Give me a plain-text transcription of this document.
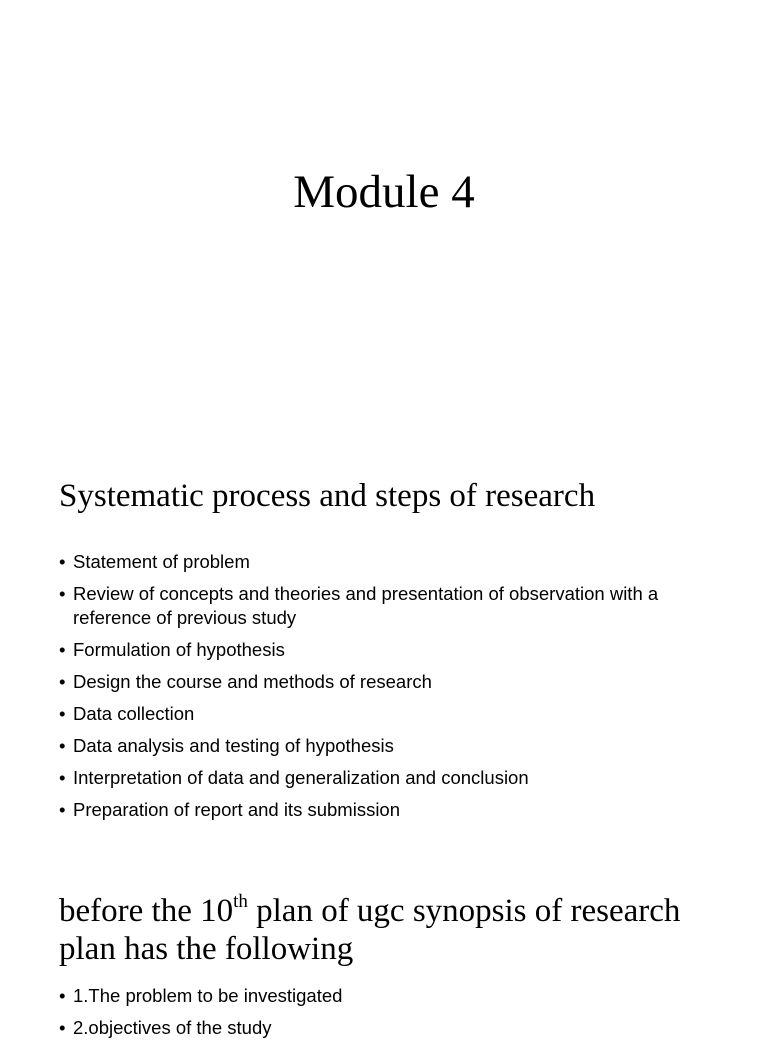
Module 4
Systematic process and steps of research
• Statement of problem
• Review of concepts and theories and presentation of observation with a reference of previous study
• Formulation of hypothesis
• Design the course and methods of research
• Data collection
• Data analysis and testing of hypothesis
• Interpretation of data and generalization and conclusion
• Preparation of report and its submission
before the 10th plan of ugc synopsis of research plan has the following
• 1.The problem to be investigated
• 2.objectives of the study
